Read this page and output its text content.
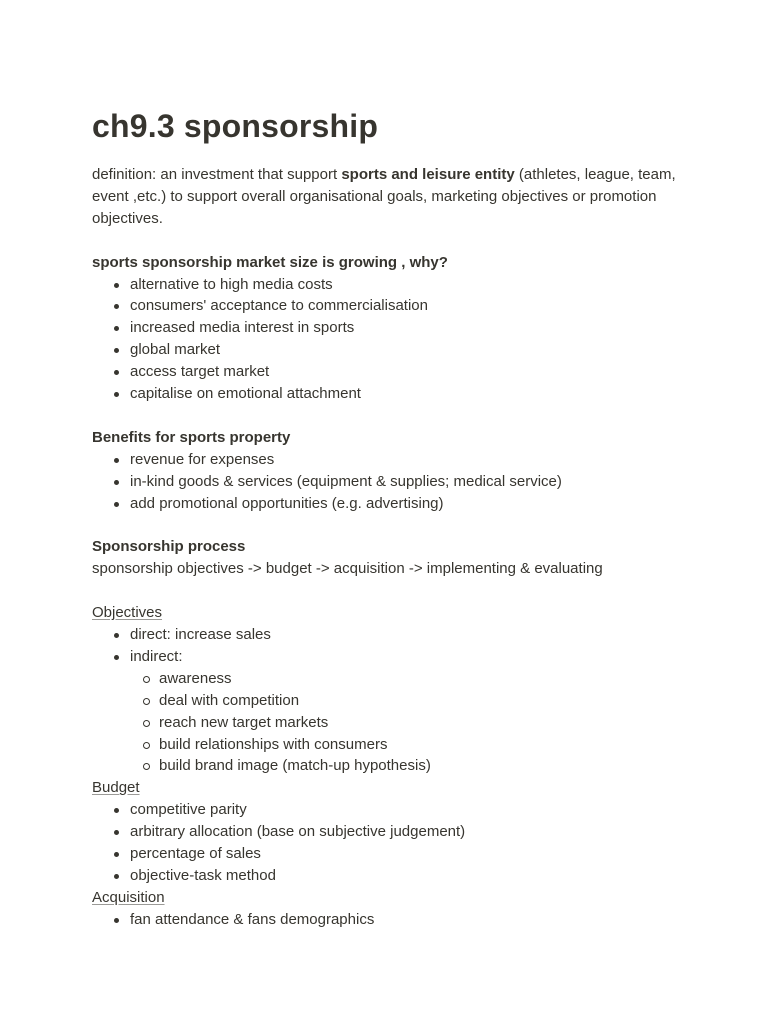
ch9.3 sponsorship

definition: an investment that support sports and leisure entity (athletes, league, team, event ,etc.) to support overall organisational goals, marketing objectives or promotion objectives.

sports sponsorship market size is growing , why?

alternative to high media costs
consumers' acceptance to commercialisation
increased media interest in sports
global market
access target market
capitalise on emotional attachment

Benefits for sports property

revenue for expenses
in-kind goods & services (equipment & supplies; medical service)
add promotional opportunities (e.g. advertising)

Sponsorship process

sponsorship objectives -> budget -> acquisition -> implementing & evaluating

Objectives

direct: increase sales
indirect:
awareness
deal with competition
reach new target markets
build relationships with consumers
build brand image (match-up hypothesis)

Budget

competitive parity
arbitrary allocation (base on subjective judgement)
percentage of sales
objective-task method

Acquisition

fan attendance & fans demographics
